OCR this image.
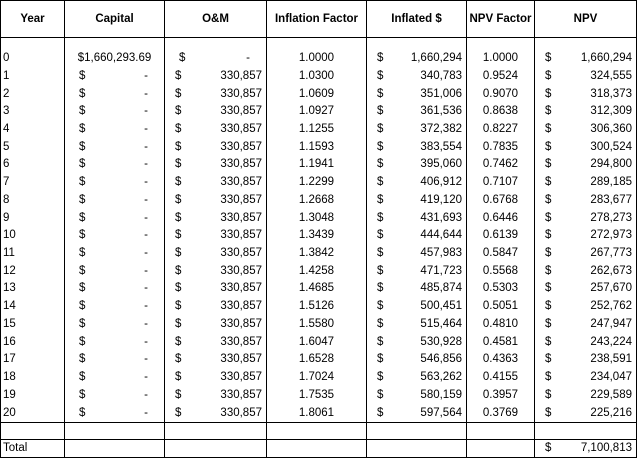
Year	Capital	O&M	Inflation Factor	Inflated $	NPV Factor	NPV

0	$1,660,293.69	$ -	1.0000	$ 1,660,294	1.0000	$ 1,660,294

1	$ -	$ 330,857	1.0300	$ 340,783	0.9524	$ 324,555

2	$ -	$ 330,857	1.0609	$ 351,006	0.9070	$ 318,373

3	$ -	$ 330,857	1.0927	$ 361,536	0.8638	$ 312,309

4	$ -	$ 330,857	1.1255	$ 372,382	0.8227	$ 306,360

5	$ -	$ 330,857	1.1593	$ 383,554	0.7835	$ 300,524

6	$ -	$ 330,857	1.1941	$ 395,060	0.7462	$ 294,800

7	$ -	$ 330,857	1.2299	$ 406,912	0.7107	$ 289,185

8	$ -	$ 330,857	1.2668	$ 419,120	0.6768	$ 283,677

9	$ -	$ 330,857	1.3048	$ 431,693	0.6446	$ 278,273

10	$ -	$ 330,857	1.3439	$ 444,644	0.6139	$ 272,973

11	$ -	$ 330,857	1.3842	$ 457,983	0.5847	$ 267,773

12	$ -	$ 330,857	1.4258	$ 471,723	0.5568	$ 262,673

13	$ -	$ 330,857	1.4685	$ 485,874	0.5303	$ 257,670

14	$ -	$ 330,857	1.5126	$ 500,451	0.5051	$ 252,762

15	$ -	$ 330,857	1.5580	$ 515,464	0.4810	$ 247,947

16	$ -	$ 330,857	1.6047	$ 530,928	0.4581	$ 243,224

17	$ -	$ 330,857	1.6528	$ 546,856	0.4363	$ 238,591

18	$ -	$ 330,857	1.7024	$ 563,262	0.4155	$ 234,047

19	$ -	$ 330,857	1.7535	$ 580,159	0.3957	$ 229,589

20	$ -	$ 330,857	1.8061	$ 597,564	0.3769	$ 225,216

Total						$ 7,100,813
